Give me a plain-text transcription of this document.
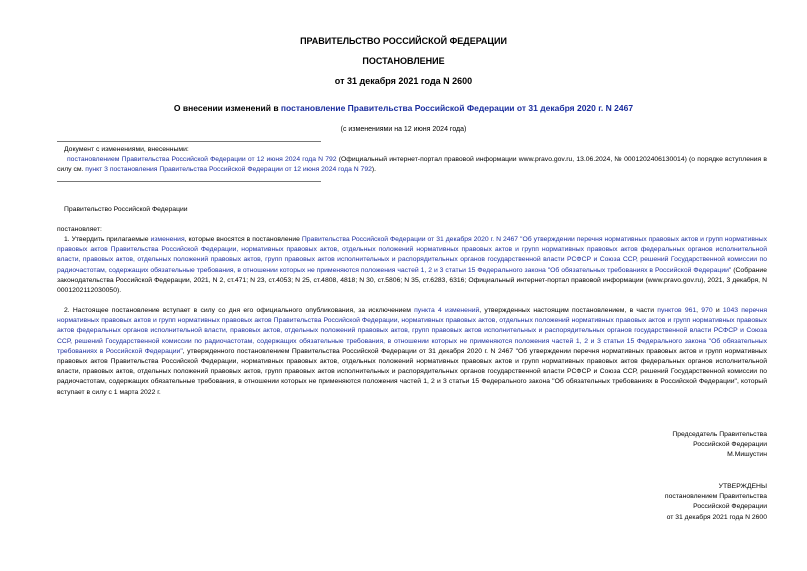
ПРАВИТЕЛЬСТВО РОССИЙСКОЙ ФЕДЕРАЦИИ
ПОСТАНОВЛЕНИЕ
от 31 декабря 2021 года N 2600
О внесении изменений в постановление Правительства Российской Федерации от 31 декабря 2020 г. N 2467
(с изменениями на 12 июня 2024 года)
Документ с изменениями, внесенными:
постановлением Правительства Российской Федерации от 12 июня 2024 года N 792 (Официальный интернет-портал правовой информации www.pravo.gov.ru, 13.06.2024, № 0001202406130014) (о порядке вступления в силу см. пункт 3 постановления Правительства Российской Федерации от 12 июня 2024 года N 792).
Правительство Российской Федерации
постановляет:
1. Утвердить прилагаемые изменения, которые вносятся в постановление Правительства Российской Федерации от 31 декабря 2020 г. N 2467 "Об утверждении перечня нормативных правовых актов и групп нормативных правовых актов Правительства Российской Федерации, нормативных правовых актов, отдельных положений нормативных правовых актов и групп нормативных правовых актов федеральных органов исполнительной власти, правовых актов, отдельных положений правовых актов, групп правовых актов исполнительных и распорядительных органов государственной власти РСФСР и Союза ССР, решений Государственной комиссии по радиочастотам, содержащих обязательные требования, в отношении которых не применяются положения частей 1, 2 и 3 статьи 15 Федерального закона "Об обязательных требованиях в Российской Федерации" (Собрание законодательства Российской Федерации, 2021, N 2, ст.471; N 23, ст.4053; N 25, ст.4808, 4818; N 30, ст.5806; N 35, ст.6283, 6316; Официальный интернет-портал правовой информации (www.pravo.gov.ru), 2021, 3 декабря, N 0001202112030050).
2. Настоящее постановление вступает в силу со дня его официального опубликования, за исключением пункта 4 изменений, утвержденных настоящим постановлением, в части пунктов 961, 970 и 1043 перечня нормативных правовых актов и групп нормативных правовых актов Правительства Российской Федерации, нормативных правовых актов, отдельных положений нормативных правовых актов и групп нормативных правовых актов федеральных органов исполнительной власти, правовых актов, отдельных положений правовых актов, групп правовых актов исполнительных и распорядительных органов государственной власти РСФСР и Союза ССР, решений Государственной комиссии по радиочастотам, содержащих обязательные требования, в отношении которых не применяются положения частей 1, 2 и 3 статьи 15 Федерального закона "Об обязательных требованиях в Российской Федерации", утвержденного постановлением Правительства Российской Федерации от 31 декабря 2020 г. N 2467 "Об утверждении перечня нормативных правовых актов и групп нормативных правовых актов Правительства Российской Федерации, нормативных правовых актов, отдельных положений нормативных правовых актов и групп нормативных правовых актов федеральных органов исполнительной власти, правовых актов, отдельных положений правовых актов, групп правовых актов исполнительных и распорядительных органов государственной власти РСФСР и Союза ССР, решений Государственной комиссии по радиочастотам, содержащих обязательные требования, в отношении которых не применяются положения частей 1, 2 и 3 статьи 15 Федерального закона "Об обязательных требованиях в Российской Федерации", который вступает в силу с 1 марта 2022 г.
Председатель Правительства
Российской Федерации
М.Мишустин
УТВЕРЖДЕНЫ
постановлением Правительства
Российской Федерации
от 31 декабря 2021 года N 2600
